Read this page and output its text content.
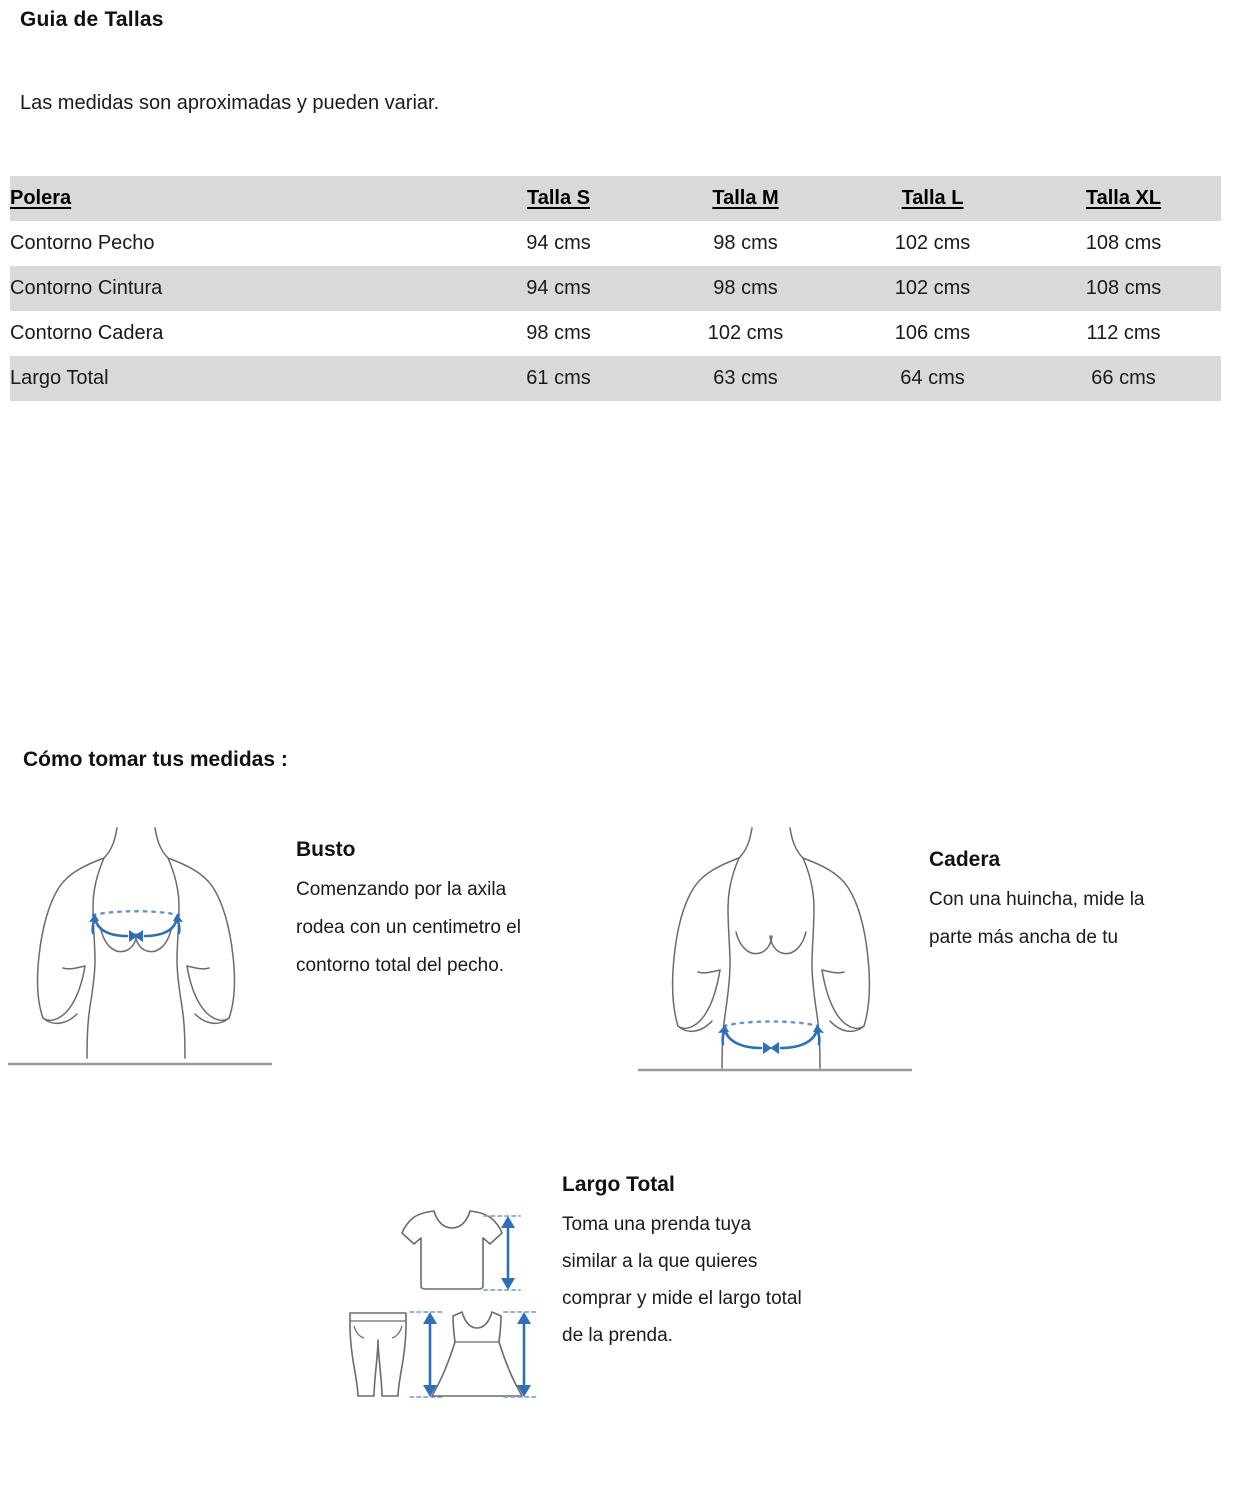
Guia de Tallas
Las medidas son aproximadas y pueden variar.
Polera	Talla S	Talla M	Talla L	Talla XL
Contorno Pecho	94 cms	98 cms	102 cms	108 cms
Contorno Cintura	94 cms	98 cms	102 cms	108 cms
Contorno Cadera	98 cms	102 cms	106 cms	112 cms
Largo Total	61 cms	63 cms	64 cms	66 cms
Cómo tomar tus medidas :
Busto
Comenzando por la axila
rodea con un centimetro el
contorno total del pecho.
Cadera
Con una huincha, mide la
parte más ancha de tu
Largo Total
Toma una prenda tuya
similar a la que quieres
comprar y mide el largo total
de la prenda.
